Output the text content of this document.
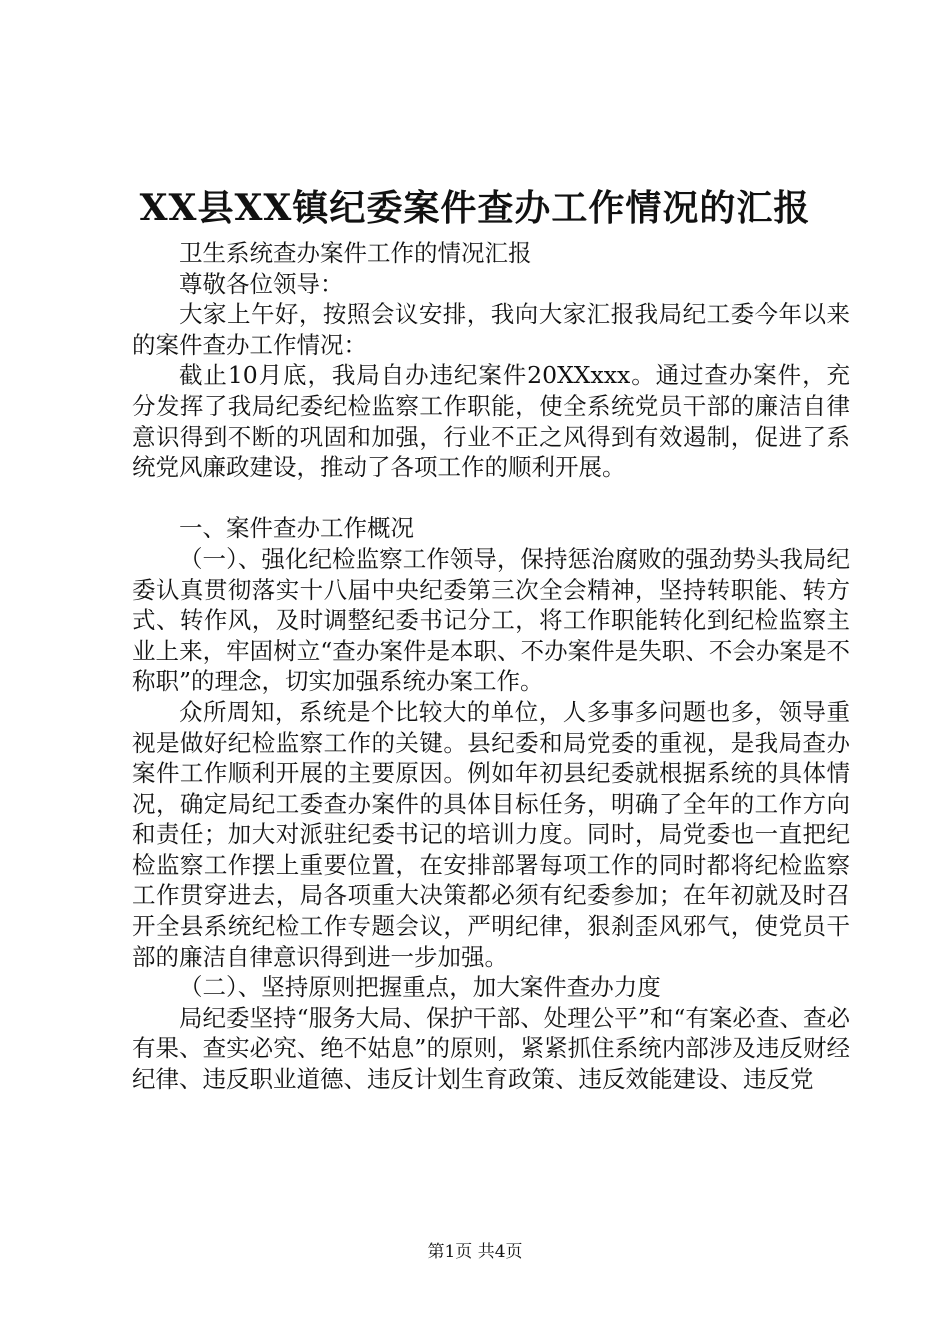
XX县XX镇纪委案件查办工作情况的汇报

卫生系统查办案件工作的情况汇报

尊敬各位领导：

大家上午好，按照会议安排，我向大家汇报我局纪工委今年以来的案件查办工作情况：

截止10月底，我局自办违纪案件20XXxxx。通过查办案件，充分发挥了我局纪委纪检监察工作职能，使全系统党员干部的廉洁自律意识得到不断的巩固和加强，行业不正之风得到有效遏制，促进了系统党风廉政建设，推动了各项工作的顺利开展。

一、案件查办工作概况

（一）、强化纪检监察工作领导，保持惩治腐败的强劲势头我局纪委认真贯彻落实十八届中央纪委第三次全会精神，坚持转职能、转方式、转作风，及时调整纪委书记分工，将工作职能转化到纪检监察主业上来，牢固树立“查办案件是本职、不办案件是失职、不会办案是不称职”的理念，切实加强系统办案工作。

众所周知，系统是个比较大的单位，人多事多问题也多，领导重视是做好纪检监察工作的关键。县纪委和局党委的重视，是我局查办案件工作顺利开展的主要原因。例如年初县纪委就根据系统的具体情况，确定局纪工委查办案件的具体目标任务，明确了全年的工作方向和责任；加大对派驻纪委书记的培训力度。同时，局党委也一直把纪检监察工作摆上重要位置，在安排部署每项工作的同时都将纪检监察工作贯穿进去，局各项重大决策都必须有纪委参加；在年初就及时召开全县系统纪检工作专题会议，严明纪律，狠刹歪风邪气，使党员干部的廉洁自律意识得到进一步加强。

（二）、坚持原则把握重点，加大案件查办力度

局纪委坚持“服务大局、保护干部、处理公平”和“有案必查、查必有果、查实必究、绝不姑息”的原则，紧紧抓住系统内部涉及违反财经纪律、违反职业道德、违反计划生育政策、违反效能建设、违反党

第1页 共4页
